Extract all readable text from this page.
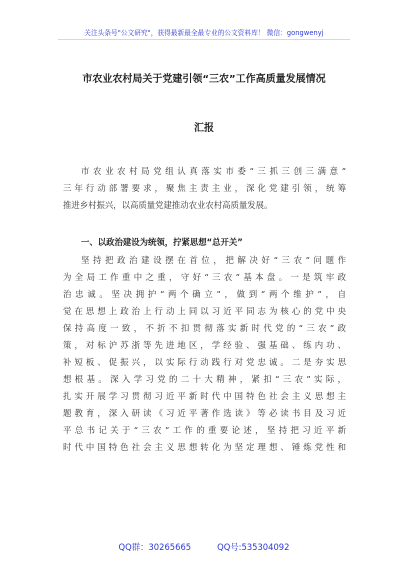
关注头条号"公文研究"，获得最新最全最专业的公文资料库！ 微信：gongwenyj
市农业农村局关于党建引领“三农”工作高质量发展情况
汇报
市农业农村局党组认真落实市委“三抓三创三满意”
三年行动部署要求，聚焦主责主业，深化党建引领，统筹
推进乡村振兴，以高质量党建推动农业农村高质量发展。
一、以政治建设为统领，拧紧思想“总开关”
坚持把政治建设摆在首位，把解决好“三农”问题作
为全局工作重中之重，守好“三农”基本盘。一是筑牢政
治忠诚。坚决拥护“两个确立”，做到“两个维护”，自
觉在思想上政治上行动上同以习近平同志为核心的党中央
保持高度一致，不折不扣贯彻落实新时代党的“三农”政
策，对标沪苏浙等先进地区，学经验、强基础、练内功、
补短板、促振兴，以实际行动践行对党忠诚。二是夯实思
想根基。深入学习党的二十大精神，紧扣“三农”实际，
扎实开展学习贯彻习近平新时代中国特色社会主义思想主
题教育，深入研读《习近平著作选读》等必读书目及习近
平总书记关于“三农”工作的重要论述，坚持把习近平新
时代中国特色社会主义思想转化为坚定理想、锤炼党性和
QQ群：30265665	QQ号:535304092
